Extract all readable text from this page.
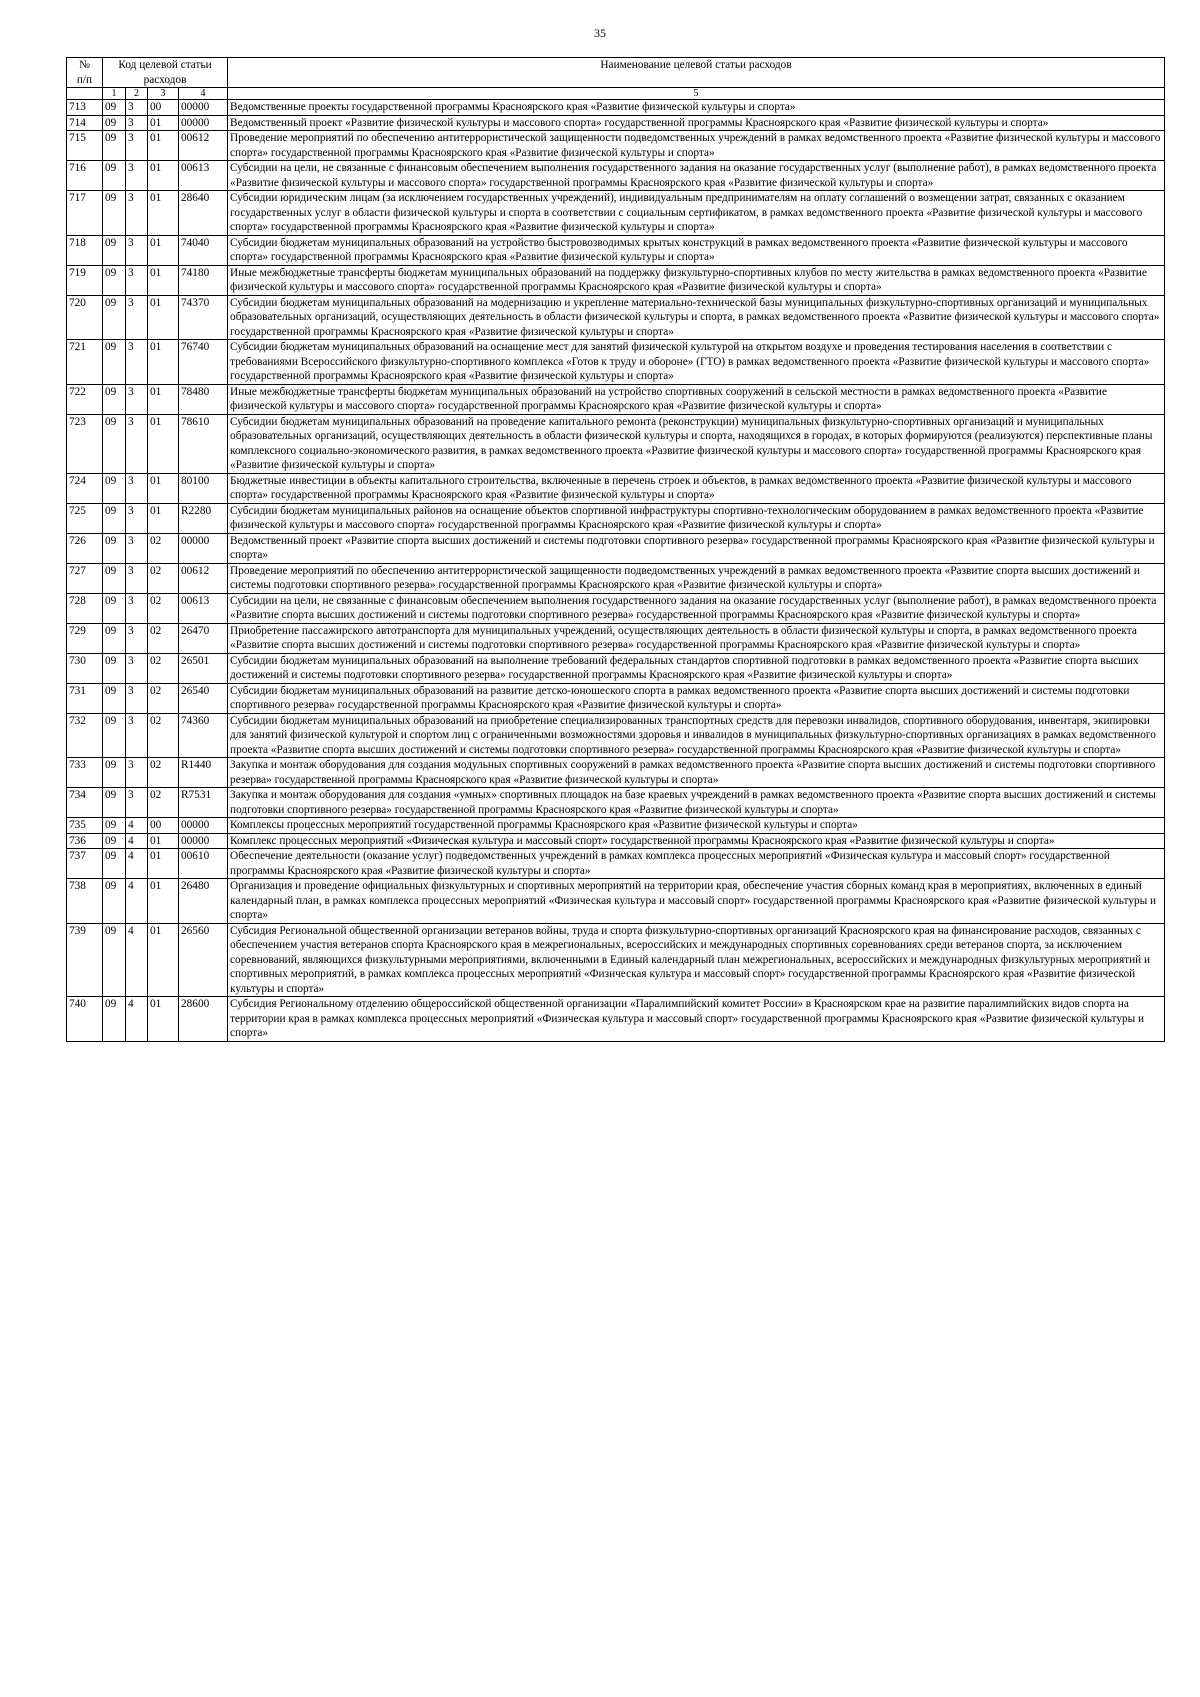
35
№
п/п	Код целевой статьи расходов				Наименование целевой статьи расходов

	1	2	3	4	5
713	09	3	00	00000	Ведомственные проекты государственной программы Красноярского края «Развитие физической культуры и спорта»
714	09	3	01	00000	Ведомственный проект «Развитие физической культуры и массового спорта» государственной программы Красноярского края «Развитие физической культуры и спорта»
715	09	3	01	00612	Проведение мероприятий по обеспечению антитеррористической защищенности подведомственных учреждений в рамках ведомственного проекта «Развитие физической культуры и массового спорта» государственной программы Красноярского края «Развитие физической культуры и спорта»
716	09	3	01	00613	Субсидии на цели, не связанные с финансовым обеспечением выполнения государственного задания на оказание государственных услуг (выполнение работ), в рамках ведомственного проекта «Развитие физической культуры и массового спорта» государственной программы Красноярского края «Развитие физической культуры и спорта»
717	09	3	01	28640	Субсидии юридическим лицам (за исключением государственных учреждений), индивидуальным предпринимателям на оплату соглашений о возмещении затрат, связанных с оказанием государственных услуг в области физической культуры и спорта в соответствии с социальным сертификатом, в рамках ведомственного проекта «Развитие физической культуры и массового спорта» государственной программы Красноярского края «Развитие физической культуры и спорта»
718	09	3	01	74040	Субсидии бюджетам муниципальных образований на устройство быстровозводимых крытых конструкций в рамках ведомственного проекта «Развитие физической культуры и массового спорта» государственной программы Красноярского края «Развитие физической культуры и спорта»
719	09	3	01	74180	Иные межбюджетные трансферты бюджетам муниципальных образований на поддержку физкультурно-спортивных клубов по месту жительства в рамках ведомственного проекта «Развитие физической культуры и массового спорта» государственной программы Красноярского края «Развитие физической культуры и спорта»
720	09	3	01	74370	Субсидии бюджетам муниципальных образований на модернизацию и укрепление материально-технической базы муниципальных физкультурно-спортивных организаций и муниципальных образовательных организаций, осуществляющих деятельность в области физической культуры и спорта, в рамках ведомственного проекта «Развитие физической культуры и массового спорта» государственной программы Красноярского края «Развитие физической культуры и спорта»
721	09	3	01	76740	Субсидии бюджетам муниципальных образований на оснащение мест для занятий физической культурой на открытом воздухе и проведения тестирования населения в соответствии с требованиями Всероссийского физкультурно-спортивного комплекса «Готов к труду и обороне» (ГТО) в рамках ведомственного проекта «Развитие физической культуры и массового спорта» государственной программы Красноярского края «Развитие физической культуры и спорта»
722	09	3	01	78480	Иные межбюджетные трансферты бюджетам муниципальных образований на устройство спортивных сооружений в сельской местности в рамках ведомственного проекта «Развитие физической культуры и массового спорта» государственной программы Красноярского края «Развитие физической культуры и спорта»
723	09	3	01	78610	Субсидии бюджетам муниципальных образований на проведение капитального ремонта (реконструкции) муниципальных физкультурно-спортивных организаций и муниципальных образовательных организаций, осуществляющих деятельность в области физической культуры и спорта, находящихся в городах, в которых формируются (реализуются) перспективные планы комплексного социально-экономического развития, в рамках ведомственного проекта «Развитие физической культуры и массового спорта» государственной программы Красноярского края «Развитие физической культуры и спорта»
724	09	3	01	80100	Бюджетные инвестиции в объекты капитального строительства, включенные в перечень строек и объектов, в рамках ведомственного проекта «Развитие физической культуры и массового спорта» государственной программы Красноярского края «Развитие физической культуры и спорта»
725	09	3	01	R2280	Субсидии бюджетам муниципальных районов на оснащение объектов спортивной инфраструктуры спортивно-технологическим оборудованием в рамках ведомственного проекта «Развитие физической культуры и массового спорта» государственной программы Красноярского края «Развитие физической культуры и спорта»
726	09	3	02	00000	Ведомственный проект «Развитие спорта высших достижений и системы подготовки спортивного резерва» государственной программы Красноярского края «Развитие физической культуры и спорта»
727	09	3	02	00612	Проведение мероприятий по обеспечению антитеррористической защищенности подведомственных учреждений в рамках ведомственного проекта «Развитие спорта высших достижений и системы подготовки спортивного резерва» государственной программы Красноярского края «Развитие физической культуры и спорта»
728	09	3	02	00613	Субсидии на цели, не связанные с финансовым обеспечением выполнения государственного задания на оказание государственных услуг (выполнение работ), в рамках ведомственного проекта «Развитие спорта высших достижений и системы подготовки спортивного резерва» государственной программы Красноярского края «Развитие физической культуры и спорта»
729	09	3	02	26470	Приобретение пассажирского автотранспорта для муниципальных учреждений, осуществляющих деятельность в области физической культуры и спорта, в рамках ведомственного проекта «Развитие спорта высших достижений и системы подготовки спортивного резерва» государственной программы Красноярского края «Развитие физической культуры и спорта»
730	09	3	02	26501	Субсидии бюджетам муниципальных образований на выполнение требований федеральных стандартов спортивной подготовки в рамках ведомственного проекта «Развитие спорта высших достижений и системы подготовки спортивного резерва» государственной программы Красноярского края «Развитие физической культуры и спорта»
731	09	3	02	26540	Субсидии бюджетам муниципальных образований на развитие детско-юношеского спорта в рамках ведомственного проекта «Развитие спорта высших достижений и системы подготовки спортивного резерва» государственной программы Красноярского края «Развитие физической культуры и спорта»
732	09	3	02	74360	Субсидии бюджетам муниципальных образований на приобретение специализированных транспортных средств для перевозки инвалидов, спортивного оборудования, инвентаря, экипировки для занятий физической культурой и спортом лиц с ограниченными возможностями здоровья и инвалидов в муниципальных физкультурно-спортивных организациях в рамках ведомственного проекта «Развитие спорта высших достижений и системы подготовки спортивного резерва» государственной программы Красноярского края «Развитие физической культуры и спорта»
733	09	3	02	R1440	Закупка и монтаж оборудования для создания модульных спортивных сооружений в рамках ведомственного проекта «Развитие спорта высших достижений и системы подготовки спортивного резерва» государственной программы Красноярского края «Развитие физической культуры и спорта»
734	09	3	02	R7531	Закупка и монтаж оборудования для создания «умных» спортивных площадок на базе краевых учреждений в рамках ведомственного проекта «Развитие спорта высших достижений и системы подготовки спортивного резерва» государственной программы Красноярского края «Развитие физической культуры и спорта»
735	09	4	00	00000	Комплексы процессных мероприятий государственной программы Красноярского края «Развитие физической культуры и спорта»
736	09	4	01	00000	Комплекс процессных мероприятий «Физическая культура и массовый спорт» государственной программы Красноярского края «Развитие физической культуры и спорта»
737	09	4	01	00610	Обеспечение деятельности (оказание услуг) подведомственных учреждений в рамках комплекса процессных мероприятий «Физическая культура и массовый спорт» государственной программы Красноярского края «Развитие физической культуры и спорта»
738	09	4	01	26480	Организация и проведение официальных физкультурных и спортивных мероприятий на территории края, обеспечение участия сборных команд края в мероприятиях, включенных в единый календарный план, в рамках комплекса процессных мероприятий «Физическая культура и массовый спорт» государственной программы Красноярского края «Развитие физической культуры и спорта»
739	09	4	01	26560	Субсидия Региональной общественной организации ветеранов войны, труда и спорта физкультурно-спортивных организаций Красноярского края на финансирование расходов, связанных с обеспечением участия ветеранов спорта Красноярского края в межрегиональных, всероссийских и международных спортивных соревнованиях среди ветеранов спорта, за исключением соревнований, являющихся физкультурными мероприятиями, включенными в Единый календарный план межрегиональных, всероссийских и международных физкультурных мероприятий и спортивных мероприятий, в рамках комплекса процессных мероприятий «Физическая культура и массовый спорт» государственной программы Красноярского края «Развитие физической культуры и спорта»
740	09	4	01	28600	Субсидия Региональному отделению общероссийской общественной организации «Паралимпийский комитет России» в Красноярском крае на развитие паралимпийских видов спорта на территории края в рамках комплекса процессных мероприятий «Физическая культура и массовый спорт» государственной программы Красноярского края «Развитие физической культуры и спорта»
